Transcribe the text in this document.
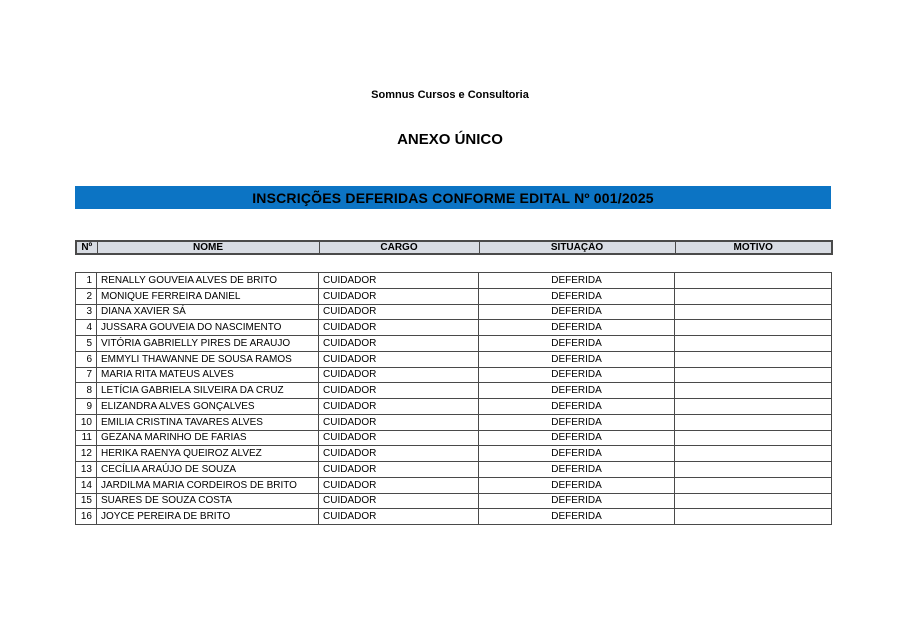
Somnus Cursos e Consultoria
ANEXO ÚNICO
INSCRIÇÕES DEFERIDAS CONFORME EDITAL Nº 001/2025
Nº	NOME	CARGO	SITUAÇÃO	MOTIVO
1	RENALLY GOUVEIA ALVES DE BRITO	CUIDADOR	DEFERIDA	
2	MONIQUE FERREIRA DANIEL	CUIDADOR	DEFERIDA	
3	DIANA XAVIER SÁ	CUIDADOR	DEFERIDA	
4	JUSSARA GOUVEIA DO NASCIMENTO	CUIDADOR	DEFERIDA	
5	VITÓRIA GABRIELLY PIRES DE ARAUJO	CUIDADOR	DEFERIDA	
6	EMMYLI THAWANNE DE SOUSA RAMOS	CUIDADOR	DEFERIDA	
7	MARIA RITA MATEUS ALVES	CUIDADOR	DEFERIDA	
8	LETÍCIA GABRIELA SILVEIRA DA CRUZ	CUIDADOR	DEFERIDA	
9	ELIZANDRA ALVES GONÇALVES	CUIDADOR	DEFERIDA	
10	EMILIA CRISTINA TAVARES ALVES	CUIDADOR	DEFERIDA	
11	GEZANA MARINHO DE FARIAS	CUIDADOR	DEFERIDA	
12	HERIKA RAENYA QUEIROZ ALVEZ	CUIDADOR	DEFERIDA	
13	CECÍLIA ARAÚJO DE SOUZA	CUIDADOR	DEFERIDA	
14	JARDILMA MARIA CORDEIROS DE BRITO	CUIDADOR	DEFERIDA	
15	SUARES DE SOUZA COSTA	CUIDADOR	DEFERIDA	
16	JOYCE PEREIRA DE BRITO	CUIDADOR	DEFERIDA	
